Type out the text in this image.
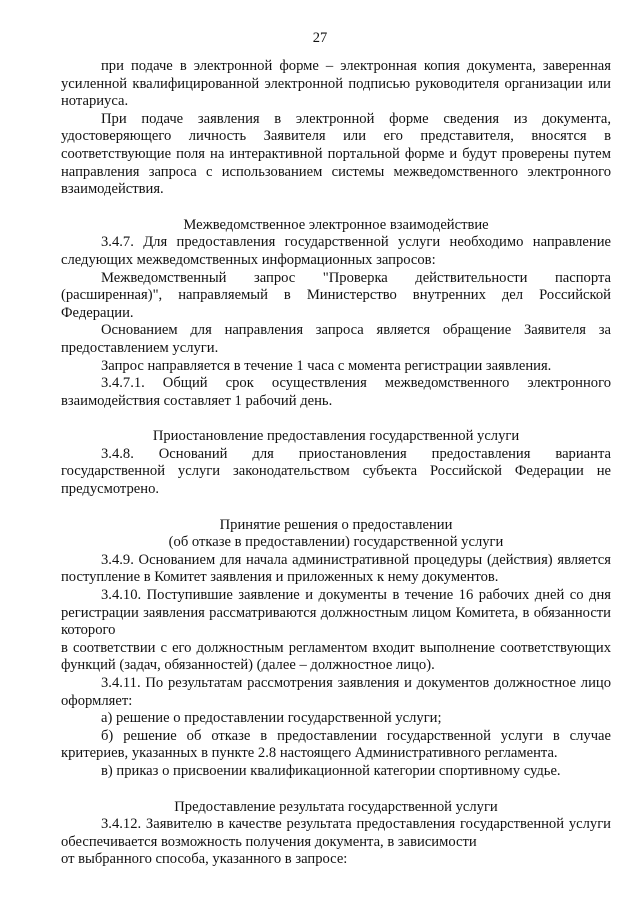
27

при подаче в электронной форме – электронная копия документа, заверенная усиленной квалифицированной электронной подписью руководителя организации или нотариуса.

При подаче заявления в электронной форме сведения из документа, удостоверяющего личность Заявителя или его представителя, вносятся в соответствующие поля на интерактивной портальной форме и будут проверены путем направления запроса с использованием системы межведомственного электронного взаимодействия.

Межведомственное электронное взаимодействие

3.4.7. Для предоставления государственной услуги необходимо направление следующих межведомственных информационных запросов:

Межведомственный запрос "Проверка действительности паспорта (расширенная)", направляемый в Министерство внутренних дел Российской Федерации.

Основанием для направления запроса является обращение Заявителя за предоставлением услуги.

Запрос направляется в течение 1 часа с момента регистрации заявления.

3.4.7.1. Общий срок осуществления межведомственного электронного взаимодействия составляет 1 рабочий день.

Приостановление предоставления государственной услуги

3.4.8. Оснований для приостановления предоставления варианта государственной услуги законодательством субъекта Российской Федерации не предусмотрено.

Принятие решения о предоставлении

(об отказе в предоставлении) государственной услуги

3.4.9. Основанием для начала административной процедуры (действия) является поступление в Комитет заявления и приложенных к нему документов.

3.4.10. Поступившие заявление и документы в течение 16 рабочих дней со дня регистрации заявления рассматриваются должностным лицом Комитета, в обязанности которого

в соответствии с его должностным регламентом входит выполнение соответствующих функций (задач, обязанностей) (далее – должностное лицо).

3.4.11. По результатам рассмотрения заявления и документов должностное лицо оформляет:

а) решение о предоставлении государственной услуги;

б) решение об отказе в предоставлении государственной услуги в случае критериев, указанных в пункте 2.8 настоящего Административного регламента.

в) приказ о присвоении квалификационной категории спортивному судье.

Предоставление результата государственной услуги

3.4.12. Заявителю в качестве результата предоставления государственной услуги обеспечивается возможность получения документа, в зависимости

от выбранного способа, указанного в запросе:
